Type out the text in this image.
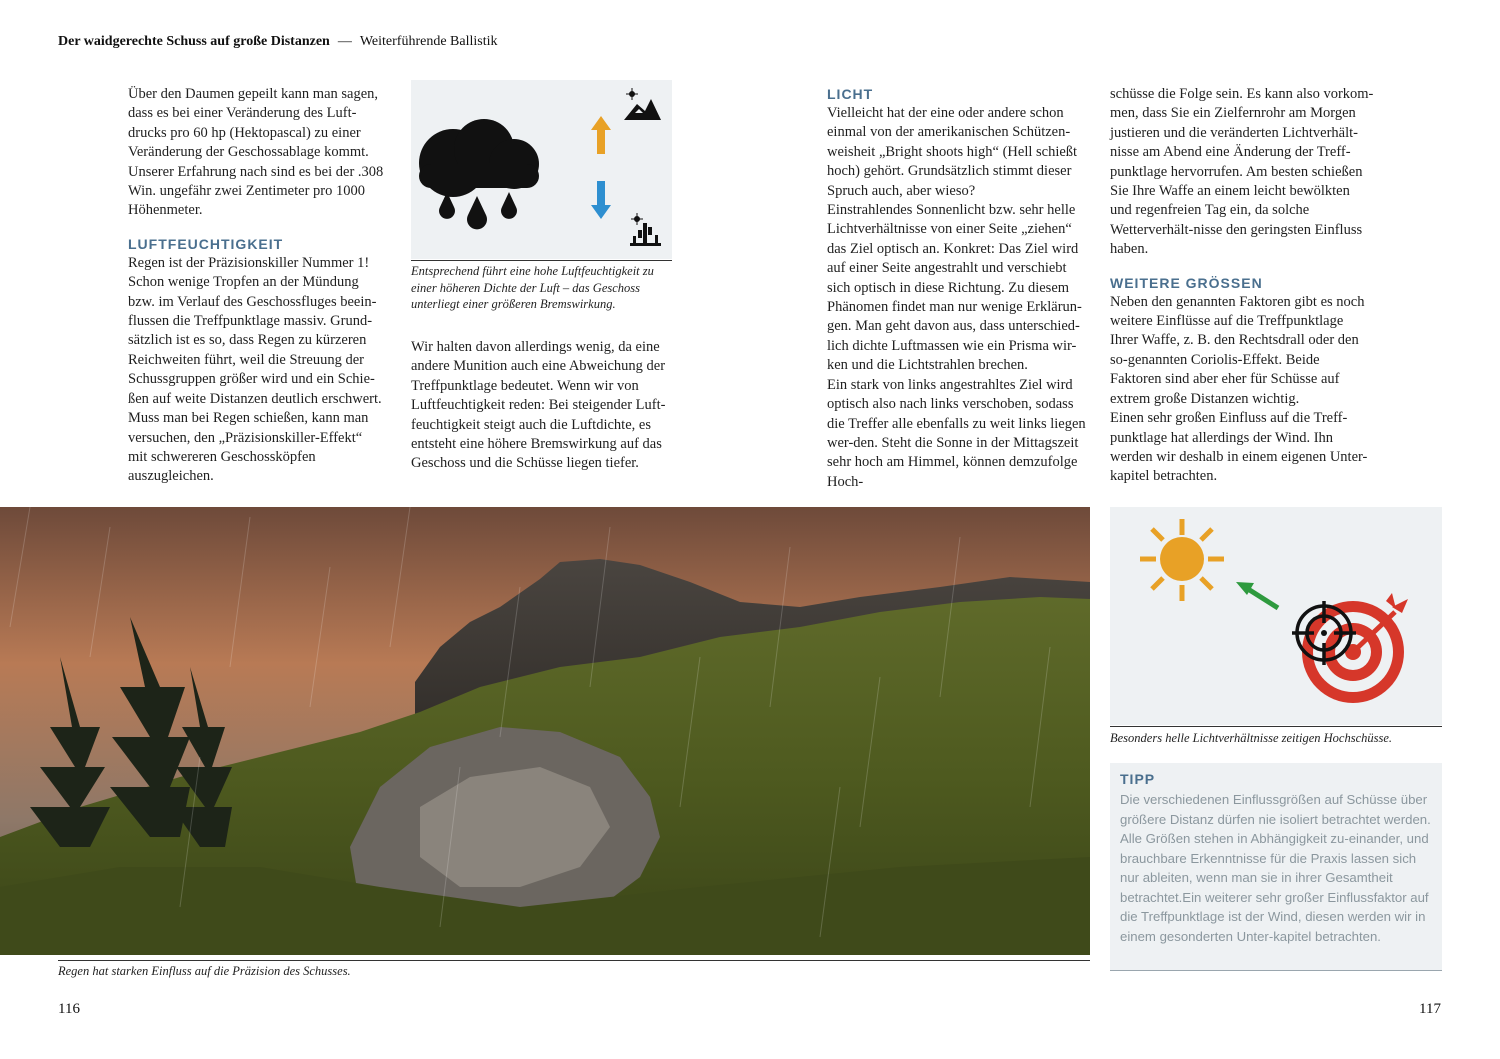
Der waidgerechte Schuss auf große Distanzen — Weiterführende Ballistik

Über den Daumen gepeilt kann man sagen, dass es bei einer Veränderung des Luft-drucks pro 60 hp (Hektopascal) zu einer Veränderung der Geschossablage kommt. Unserer Erfahrung nach sind es bei der .308 Win. ungefähr zwei Zentimeter pro 1000 Höhenmeter.

LUFTFEUCHTIGKEIT

Regen ist der Präzisionskiller Nummer 1! Schon wenige Tropfen an der Mündung bzw. im Verlauf des Geschossfluges beein-flussen die Treffpunktlage massiv. Grund-sätzlich ist es so, dass Regen zu kürzeren Reichweiten führt, weil die Streuung der Schussgruppen größer wird und ein Schie-ßen auf weite Distanzen deutlich erschwert. Muss man bei Regen schießen, kann man versuchen, den „Präzisionskiller-Effekt“ mit schwereren Geschossköpfen auszugleichen.

Entsprechend führt eine hohe Luftfeuchtigkeit zu einer höheren Dichte der Luft – das Geschoss unterliegt einer größeren Bremswirkung.

Wir halten davon allerdings wenig, da eine andere Munition auch eine Abweichung der Treffpunktlage bedeutet. Wenn wir von Luftfeuchtigkeit reden: Bei steigender Luft-feuchtigkeit steigt auch die Luftdichte, es entsteht eine höhere Bremswirkung auf das Geschoss und die Schüsse liegen tiefer.

LICHT

Vielleicht hat der eine oder andere schon einmal von der amerikanischen Schützen-weisheit „Bright shoots high“ (Hell schießt hoch) gehört. Grundsätzlich stimmt dieser Spruch auch, aber wieso?

Einstrahlendes Sonnenlicht bzw. sehr helle Lichtverhältnisse von einer Seite „ziehen“ das Ziel optisch an. Konkret: Das Ziel wird auf einer Seite angestrahlt und verschiebt sich optisch in diese Richtung. Zu diesem Phänomen findet man nur wenige Erklärun-gen. Man geht davon aus, dass unterschied-lich dichte Luftmassen wie ein Prisma wir-ken und die Lichtstrahlen brechen.

Ein stark von links angestrahltes Ziel wird optisch also nach links verschoben, sodass die Treffer alle ebenfalls zu weit links liegen wer-den. Steht die Sonne in der Mittagszeit sehr hoch am Himmel, können demzufolge Hoch-

schüsse die Folge sein. Es kann also vorkom-men, dass Sie ein Zielfernrohr am Morgen justieren und die veränderten Lichtverhält-nisse am Abend eine Änderung der Treff-punktlage hervorrufen. Am besten schießen Sie Ihre Waffe an einem leicht bewölkten und regenfreien Tag ein, da solche Wetterverhält-nisse den geringsten Einfluss haben.

WEITERE GRÖSSEN

Neben den genannten Faktoren gibt es noch weitere Einflüsse auf die Treffpunktlage Ihrer Waffe, z. B. den Rechtsdrall oder den so-genannten Coriolis-Effekt. Beide Faktoren sind aber eher für Schüsse auf extrem große Distanzen wichtig.

Einen sehr großen Einfluss auf die Treff-punktlage hat allerdings der Wind. Ihn werden wir deshalb in einem eigenen Unter-kapitel betrachten.

Regen hat starken Einfluss auf die Präzision des Schusses.
Besonders helle Lichtverhältnisse zeitigen Hochschüsse.
TIPP
Die verschiedenen Einflussgrößen auf Schüsse über größere Distanz dürfen nie isoliert betrachtet werden. Alle Größen stehen in Abhängigkeit zu-einander, und brauchbare Erkenntnisse für die Praxis lassen sich nur ableiten, wenn man sie in ihrer Gesamtheit betrachtet.Ein weiterer sehr großer Einflussfaktor auf die Treffpunktlage ist der Wind, diesen werden wir in einem gesonderten Unter-kapitel betrachten.
116	117
